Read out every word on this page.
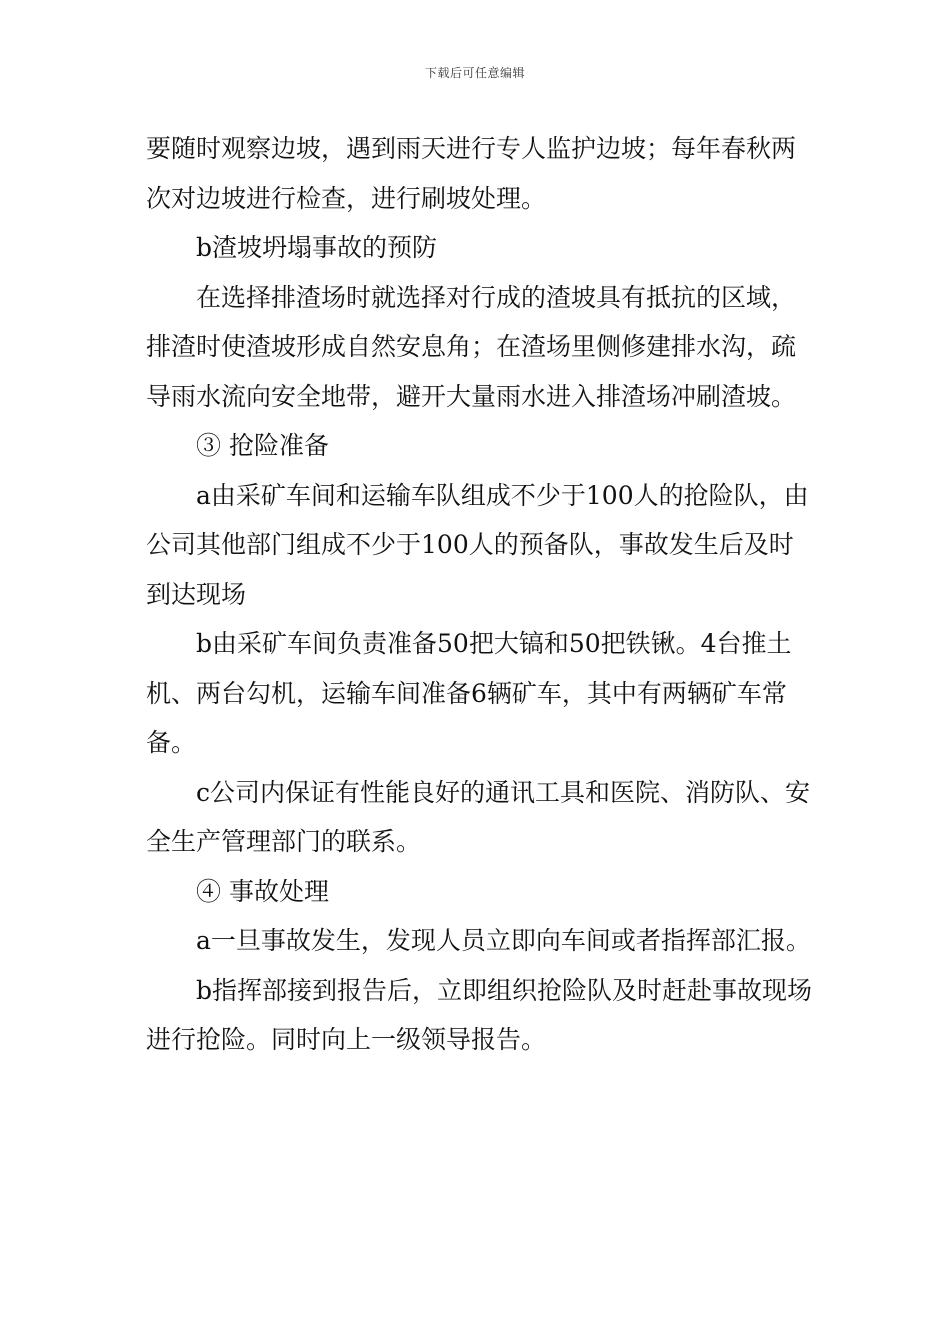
下载后可任意编辑

要随时观察边坡，遇到雨天进行专人监护边坡；每年春秋两次对边坡进行检查，进行刷坡处理。

b渣坡坍塌事故的预防

在选择排渣场时就选择对行成的渣坡具有抵抗的区域，排渣时使渣坡形成自然安息角；在渣场里侧修建排水沟，疏导雨水流向安全地带，避开大量雨水进入排渣场冲刷渣坡。

③ 抢险准备

a由采矿车间和运输车队组成不少于100人的抢险队，由公司其他部门组成不少于100人的预备队，事故发生后及时到达现场

b由采矿车间负责准备50把大镐和50把铁锹。4台推土机、两台勾机，运输车间准备6辆矿车，其中有两辆矿车常备。

c公司内保证有性能良好的通讯工具和医院、消防队、安全生产管理部门的联系。

④ 事故处理

a一旦事故发生，发现人员立即向车间或者指挥部汇报。

b指挥部接到报告后，立即组织抢险队及时赶赴事故现场进行抢险。同时向上一级领导报告。
